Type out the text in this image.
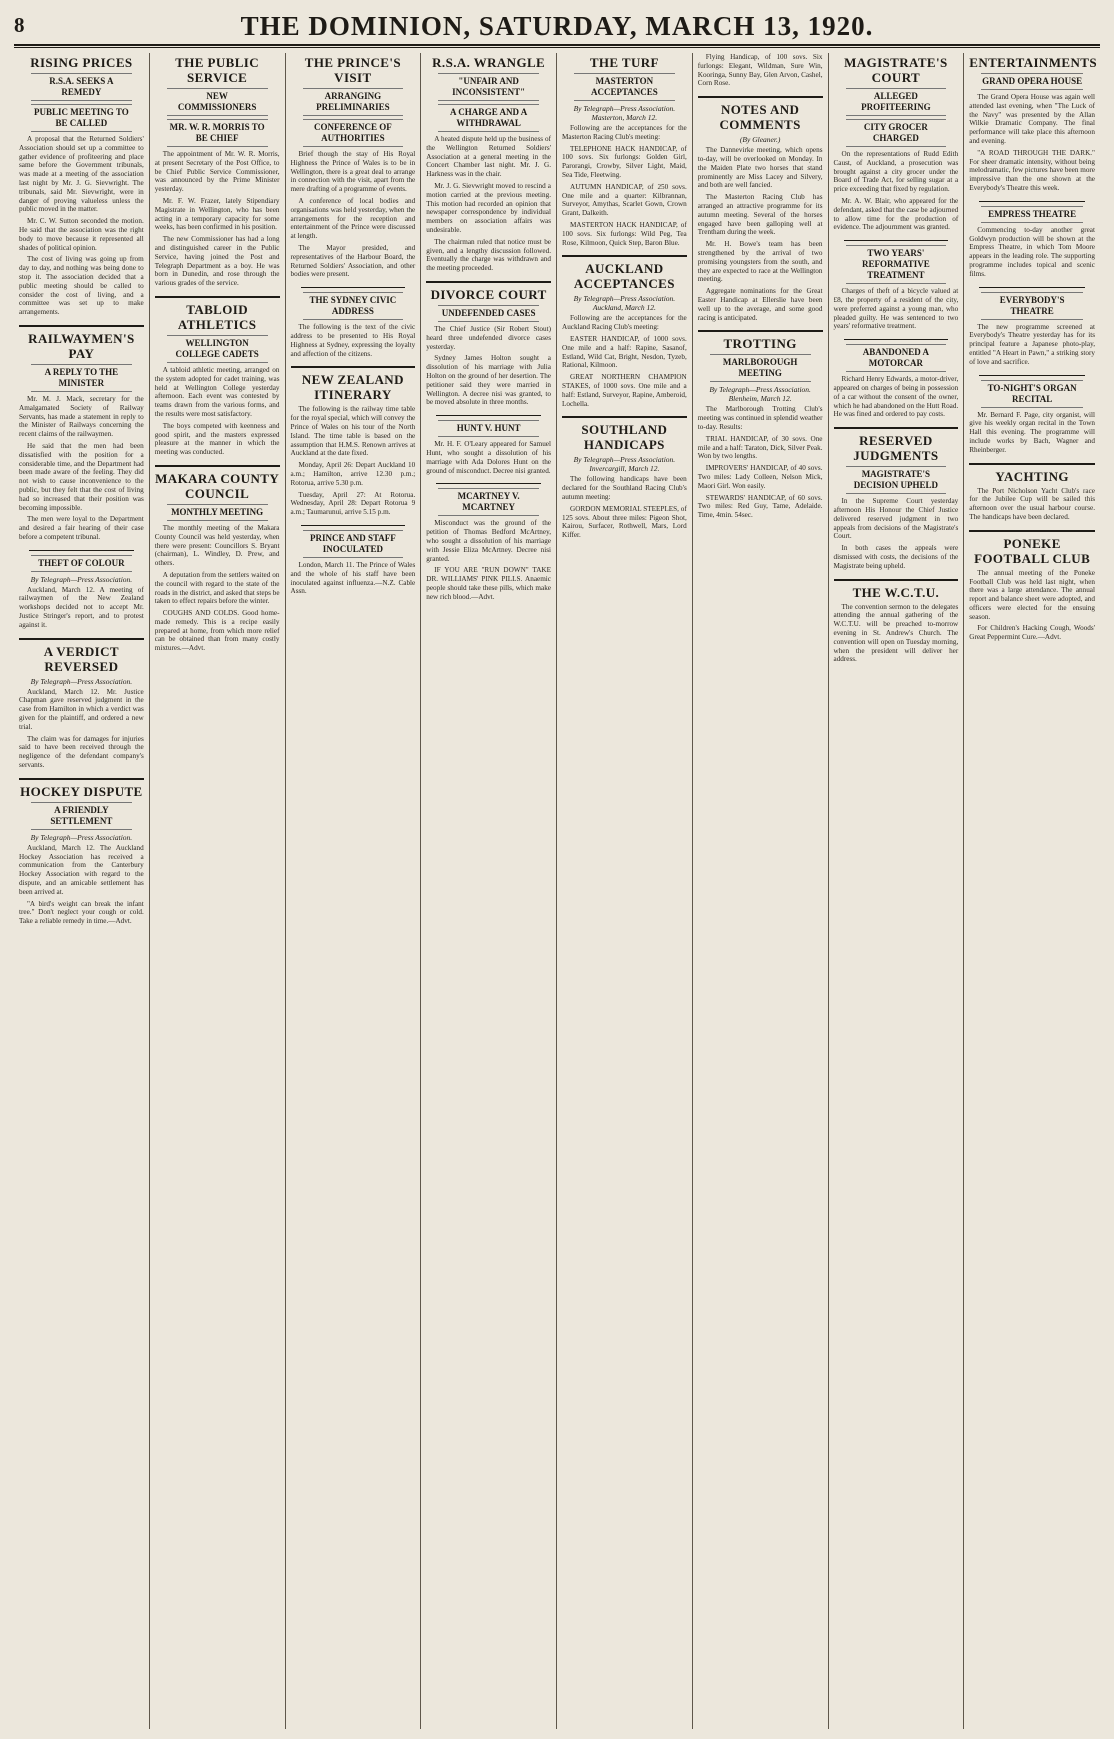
8	THE DOMINION, SATURDAY, MARCH 13, 1920.
RISING PRICES
R.S.A. SEEKS A REMEDY
PUBLIC MEETING TO BE CALLED

A proposal that the Returned Soldiers' Association should set up a committee to gather evidence of profiteering and place same before the Government tribunals, was made at a meeting of the association last night by Mr. J. G. Sievwright. The tribunals, said Mr. Sievwright, were in danger of proving valueless unless the public moved in the matter.

Mr. C. W. Sutton seconded the motion. He said that the association was the right body to move because it represented all shades of political opinion.

The cost of living was going up from day to day, and nothing was being done to stop it. The association decided that a public meeting should be called to consider the cost of living, and a committee was set up to make arrangements.

RAILWAYMEN'S PAY
A REPLY TO THE MINISTER

Mr. M. J. Mack, secretary for the Amalgamated Society of Railway Servants, has made a statement in reply to the Minister of Railways concerning the recent claims of the railwaymen.

He said that the men had been dissatisfied with the position for a considerable time, and the Department had been made aware of the feeling. They did not wish to cause inconvenience to the public, but they felt that the cost of living had so increased that their position was becoming impossible.

The men were loyal to the Department and desired a fair hearing of their case before a competent tribunal.

THEFT OF COLOUR
By Telegraph—Press Association.

Auckland, March 12. A meeting of railwaymen of the New Zealand workshops decided not to accept Mr. Justice Stringer's report, and to protest against it.

A VERDICT REVERSED
By Telegraph—Press Association.

Auckland, March 12. Mr. Justice Chapman gave reserved judgment in the case from Hamilton in which a verdict was given for the plaintiff, and ordered a new trial.

The claim was for damages for injuries said to have been received through the negligence of the defendant company's servants.

HOCKEY DISPUTE
A FRIENDLY SETTLEMENT
By Telegraph—Press Association.

Auckland, March 12. The Auckland Hockey Association has received a communication from the Canterbury Hockey Association with regard to the dispute, and an amicable settlement has been arrived at.

"A bird's weight can break the infant tree." Don't neglect your cough or cold. Take a reliable remedy in time.—Advt.

THE PUBLIC SERVICE
NEW COMMISSIONERS
MR. W. R. MORRIS TO BE CHIEF

The appointment of Mr. W. R. Morris, at present Secretary of the Post Office, to be Chief Public Service Commissioner, was announced by the Prime Minister yesterday.

Mr. F. W. Frazer, lately Stipendiary Magistrate in Wellington, who has been acting in a temporary capacity for some weeks, has been confirmed in his position.

The new Commissioner has had a long and distinguished career in the Public Service, having joined the Post and Telegraph Department as a boy. He was born in Dunedin, and rose through the various grades of the service.

TABLOID ATHLETICS
WELLINGTON COLLEGE CADETS

A tabloid athletic meeting, arranged on the system adopted for cadet training, was held at Wellington College yesterday afternoon. Each event was contested by teams drawn from the various forms, and the results were most satisfactory.

The boys competed with keenness and good spirit, and the masters expressed pleasure at the manner in which the meeting was conducted.

MAKARA COUNTY COUNCIL
MONTHLY MEETING

The monthly meeting of the Makara County Council was held yesterday, when there were present: Councillors S. Bryant (chairman), L. Windley, D. Prew, and others.

A deputation from the settlers waited on the council with regard to the state of the roads in the district, and asked that steps be taken to effect repairs before the winter.

COUGHS AND COLDS. Good home-made remedy. This is a recipe easily prepared at home, from which more relief can be obtained than from many costly mixtures.—Advt.

THE PRINCE'S VISIT
ARRANGING PRELIMINARIES
CONFERENCE OF AUTHORITIES

Brief though the stay of His Royal Highness the Prince of Wales is to be in Wellington, there is a great deal to arrange in connection with the visit, apart from the mere drafting of a programme of events.

A conference of local bodies and organisations was held yesterday, when the arrangements for the reception and entertainment of the Prince were discussed at length.

The Mayor presided, and representatives of the Harbour Board, the Returned Soldiers' Association, and other bodies were present.

THE SYDNEY CIVIC ADDRESS

The following is the text of the civic address to be presented to His Royal Highness at Sydney, expressing the loyalty and affection of the citizens.

NEW ZEALAND ITINERARY

The following is the railway time table for the royal special, which will convey the Prince of Wales on his tour of the North Island. The time table is based on the assumption that H.M.S. Renown arrives at Auckland at the date fixed.

Monday, April 26: Depart Auckland 10 a.m.; Hamilton, arrive 12.30 p.m.; Rotorua, arrive 5.30 p.m.

Tuesday, April 27: At Rotorua. Wednesday, April 28: Depart Rotorua 9 a.m.; Taumarunui, arrive 5.15 p.m.

PRINCE AND STAFF INOCULATED

London, March 11. The Prince of Wales and the whole of his staff have been inoculated against influenza.—N.Z. Cable Assn.

R.S.A. WRANGLE
"UNFAIR AND INCONSISTENT"
A CHARGE AND A WITHDRAWAL

A heated dispute held up the business of the Wellington Returned Soldiers' Association at a general meeting in the Concert Chamber last night. Mr. J. G. Harkness was in the chair.

Mr. J. G. Sievwright moved to rescind a motion carried at the previous meeting. This motion had recorded an opinion that newspaper correspondence by individual members on association affairs was undesirable.

The chairman ruled that notice must be given, and a lengthy discussion followed. Eventually the charge was withdrawn and the meeting proceeded.

DIVORCE COURT
UNDEFENDED CASES

The Chief Justice (Sir Robert Stout) heard three undefended divorce cases yesterday.

Sydney James Holton sought a dissolution of his marriage with Julia Holton on the ground of her desertion. The petitioner said they were married in Wellington. A decree nisi was granted, to be moved absolute in three months.

HUNT V. HUNT

Mr. H. F. O'Leary appeared for Samuel Hunt, who sought a dissolution of his marriage with Ada Dolores Hunt on the ground of misconduct. Decree nisi granted.

MCARTNEY V. MCARTNEY

Misconduct was the ground of the petition of Thomas Bedford McArtney, who sought a dissolution of his marriage with Jessie Eliza McArtney. Decree nisi granted.

IF YOU ARE "RUN DOWN" TAKE DR. WILLIAMS' PINK PILLS. Anaemic people should take these pills, which make new rich blood.—Advt.

THE TURF
MASTERTON ACCEPTANCES
By Telegraph—Press Association. Masterton, March 12.

Following are the acceptances for the Masterton Racing Club's meeting:

TELEPHONE HACK HANDICAP, of 100 sovs. Six furlongs: Golden Girl, Parorangi, Crowby, Silver Light, Maid, Sea Tide, Fleetwing.

AUTUMN HANDICAP, of 250 sovs. One mile and a quarter: Kilbrannan, Surveyor, Amythas, Scarlet Gown, Crown Grant, Dalkeith.

MASTERTON HACK HANDICAP, of 100 sovs. Six furlongs: Wild Peg, Tea Rose, Kilmoon, Quick Step, Baron Blue.

AUCKLAND ACCEPTANCES
By Telegraph—Press Association. Auckland, March 12.

Following are the acceptances for the Auckland Racing Club's meeting:

EASTER HANDICAP, of 1000 sovs. One mile and a half: Rapine, Sasanof, Estland, Wild Cat, Bright, Nesdon, Tyzeb, Rational, Kilmoon.

GREAT NORTHERN CHAMPION STAKES, of 1000 sovs. One mile and a half: Estland, Surveyor, Rapine, Amberoid, Lochella.

SOUTHLAND HANDICAPS
By Telegraph—Press Association. Invercargill, March 12.

The following handicaps have been declared for the Southland Racing Club's autumn meeting:

GORDON MEMORIAL STEEPLES, of 125 sovs. About three miles: Pigeon Shot, Kairou, Surfacer, Rothwell, Mars, Lord Kiffer.

Flying Handicap, of 100 sovs. Six furlongs: Elegant, Wildman, Sure Win, Kooringa, Sunny Bay, Glen Arvon, Cashel, Corn Rose.

NOTES AND COMMENTS
(By Gleaner.)

The Dannevirke meeting, which opens to-day, will be overlooked on Monday. In the Maiden Plate two horses that stand prominently are Miss Lacey and Silvery, and both are well fancied.

The Masterton Racing Club has arranged an attractive programme for its autumn meeting. Several of the horses engaged have been galloping well at Trentham during the week.

Mr. H. Bowe's team has been strengthened by the arrival of two promising youngsters from the south, and they are expected to race at the Wellington meeting.

Aggregate nominations for the Great Easter Handicap at Ellerslie have been well up to the average, and some good racing is anticipated.

TROTTING
MARLBOROUGH MEETING
By Telegraph—Press Association. Blenheim, March 12.

The Marlborough Trotting Club's meeting was continued in splendid weather to-day. Results:

TRIAL HANDICAP, of 30 sovs. One mile and a half: Taraton, Dick, Silver Peak. Won by two lengths.

IMPROVERS' HANDICAP, of 40 sovs. Two miles: Lady Colleen, Nelson Mick, Maori Girl. Won easily.

STEWARDS' HANDICAP, of 60 sovs. Two miles: Red Guy, Tame, Adelaide. Time, 4min. 54sec.

MAGISTRATE'S COURT
ALLEGED PROFITEERING
CITY GROCER CHARGED

On the representations of Rudd Edith Caust, of Auckland, a prosecution was brought against a city grocer under the Board of Trade Act, for selling sugar at a price exceeding that fixed by regulation.

Mr. A. W. Blair, who appeared for the defendant, asked that the case be adjourned to allow time for the production of evidence. The adjournment was granted.

TWO YEARS' REFORMATIVE TREATMENT

Charges of theft of a bicycle valued at £8, the property of a resident of the city, were preferred against a young man, who pleaded guilty. He was sentenced to two years' reformative treatment.

ABANDONED A MOTORCAR

Richard Henry Edwards, a motor-driver, appeared on charges of being in possession of a car without the consent of the owner, which he had abandoned on the Hutt Road. He was fined and ordered to pay costs.

RESERVED JUDGMENTS
MAGISTRATE'S DECISION UPHELD

In the Supreme Court yesterday afternoon His Honour the Chief Justice delivered reserved judgment in two appeals from decisions of the Magistrate's Court.

In both cases the appeals were dismissed with costs, the decisions of the Magistrate being upheld.

THE W.C.T.U.

The convention sermon to the delegates attending the annual gathering of the W.C.T.U. will be preached to-morrow evening in St. Andrew's Church. The convention will open on Tuesday morning, when the president will deliver her address.

ENTERTAINMENTS
GRAND OPERA HOUSE

The Grand Opera House was again well attended last evening, when "The Luck of the Navy" was presented by the Allan Wilkie Dramatic Company. The final performance will take place this afternoon and evening.

"A ROAD THROUGH THE DARK." For sheer dramatic intensity, without being melodramatic, few pictures have been more impressive than the one shown at the Everybody's Theatre this week.

EMPRESS THEATRE

Commencing to-day another great Goldwyn production will be shown at the Empress Theatre, in which Tom Moore appears in the leading role. The supporting programme includes topical and scenic films.

EVERYBODY'S THEATRE

The new programme screened at Everybody's Theatre yesterday has for its principal feature a Japanese photo-play, entitled "A Heart in Pawn," a striking story of love and sacrifice.

TO-NIGHT'S ORGAN RECITAL

Mr. Bernard F. Page, city organist, will give his weekly organ recital in the Town Hall this evening. The programme will include works by Bach, Wagner and Rheinberger.

YACHTING

The Port Nicholson Yacht Club's race for the Jubilee Cup will be sailed this afternoon over the usual harbour course. The handicaps have been declared.

PONEKE FOOTBALL CLUB

The annual meeting of the Poneke Football Club was held last night, when there was a large attendance. The annual report and balance sheet were adopted, and officers were elected for the ensuing season.

For Children's Hacking Cough, Woods' Great Peppermint Cure.—Advt.
